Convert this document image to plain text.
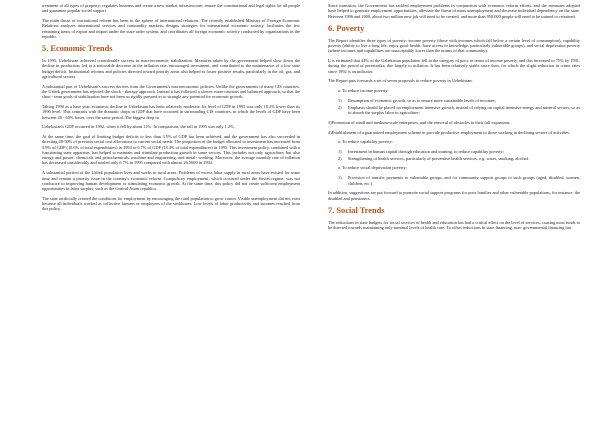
treatment of all types of property; regulates business and create a new market infrastructure; ensure the constitutional and legal rights for all people and guarantee popular social support.

The main thrust of institutional reform has been in the sphere of international relations. The recently established Ministry of Foreign Economic Relations analyzes international services and commodity markets, designs strategies for international economic activity, facilitates the few remaining items of export and import under the state order system, and coordinates all foreign economic activity conducted by organizations in the republic.

5. Economic Trends

In 1995, Uzbekistan achieved considerable success in macroeconomic stabilization. Measures taken by the government helped slow down the decline in production, led to a noticeable decrease in the inflation rate, encouraged investment, and contributed to the maintenance of a low state budget deficit. Institutional reforms and policies directed toward priority areas also helped to foster positive results, particularly in the oil, gas, and agricultural sectors.

A substantial part of Uzbekistan's success derives from the Government's macroeconomic policies. Unlike the governments of many CIS countries, the Uzbek government has rejected the shock - therapy approach. Instead it has followed a slower, more cautious and balanced approach, so that the short - term goals of stabilization have not been so rigidly pursued as to strangle any potential for economic growth.

Taking 1990 as a base year, economic decline in Uzbekistan has been relatively moderate. Its level of GDP in 1995 was only 18.2% lower than its 1990 level. This contrasts with the dramatic drops in GDP that have occurred in surrounding CIS countries, in which the levels of GDP have been between 40 - 60% lower, over the same period. The biggest drop in

Uzbekistan's GDP occurred in 1992, when it fell by about 11%. In comparison, the fall in 1995 was only 1.2%.

At the same time, the goal of limiting budget deficits to less than 3.5% of GDP has been achieved, and the government has also succeeded in directing 40-50% of previous social cost allocations to current social needs. The proportion of the budget allocated to investment has increased from 5.9% of GDP (10.6% of total expenditures) in 1994 to 6.7% of GDP (18.4% of total expenditures) in 1995. This investment policy, combined with a functioning state apparatus, has helped to maintain and stimulate production growth in some sectors. This includes not only agriculture, but also energy and power, chemicals and petrochemicals, machine and engineering, and metal- working. Moreover, the average monthly rate of inflation has decreased considerably and totaled only 6.7% in 1995 compared with almost 26.5600 in 1994.

A substantial portion of the Uzbek population lives and works in rural areas. Problems of excess labor supply in rural areas have existed for some time and remain a priority issue in the country's economic reform. Compulsory employment, which occurred under the Soviet regime, was not conducive to improving human development or stimulating economic growth. At the same time, this policy did not create sufficient employment opportunities in labor surplus, such as the Central Asian republics.

The state artificially created the conditions for employment by encouraging the rural population to grow cotton. Visible unemployment did not exist because all individuals worked as collective farmers or employees of the sovkhozes. Low levels of labor productivity and incomes resulted from this policy.

Since transition, the Government has tackled employment problems in conjunction with economic reform efforts, and the measures adopted have helped to generate employment opportunities, alleviate the threat of mass unemployment and decrease individual dependency on the state. Between 1996 and 2000, about two million new job will need to be created, and more than 950,000 people will need to be trained or retrained.

6. Poverty

The Report identifies three types of poverty: income poverty (those with incomes which fall below a certain level of consumption), capability poverty (ability to live a long life, enjoy good health, have access to knowledge, particularly vulnerable groups), and social deprivation poverty (where incomes and capabilities are unacceptably lower than the norms of that community).

It is estimated that 44% of the Uzbekistan population fell in the category of poor, in terms of income poverty, and this increased to 75% by 1991, during the period of perestroika, due largely to inflation. It has been relatively stable since then, for which the slight reduction in crime rates since 1992 is an indicator.

The Report puts forwards a set of seven proposals to reduce poverty in Uzbekistan:

a. To reduce income poverty:

1)	Resumption of economic growth, so as to ensure more sustainable levels of incomes;
2)	Emphasis should be placed on employment intensive growth, instead of relying on capital intensive energy and mineral sectors, so as to absorb the surplus labor in agriculture;

3)Promotion of small and medium-scale enterprises, and the removal of obstacles to their full expansion;

4)Establishment of a guaranteed employment scheme to provide productive employment to those working in declining sectors of activities.

a. To reduce capability poverty:

1)	Investment in human capital through education and training, to reduce capability poverty;
2)	Strengthening of health services, particularly of preventive health services, e.g. water, smoking, alcohol.

a. To reduce social deprivation poverty:

1)	Provision of transfer payments to vulnerable groups, and /or community support groups to such groups (aged, disabled, women, children, etc.)

In addition, suggestions are put forward to promote social support programs for poor families and other vulnerable populations, for instance, the disabled and pensioners.

7. Social Trends

The reductions in state budgets for social services of health and education has had a critical effect on the level of services, causing most funds to be directed towards maintaining only minimal levels of health care. To offset reductions in state financing, non- governmental financing has
